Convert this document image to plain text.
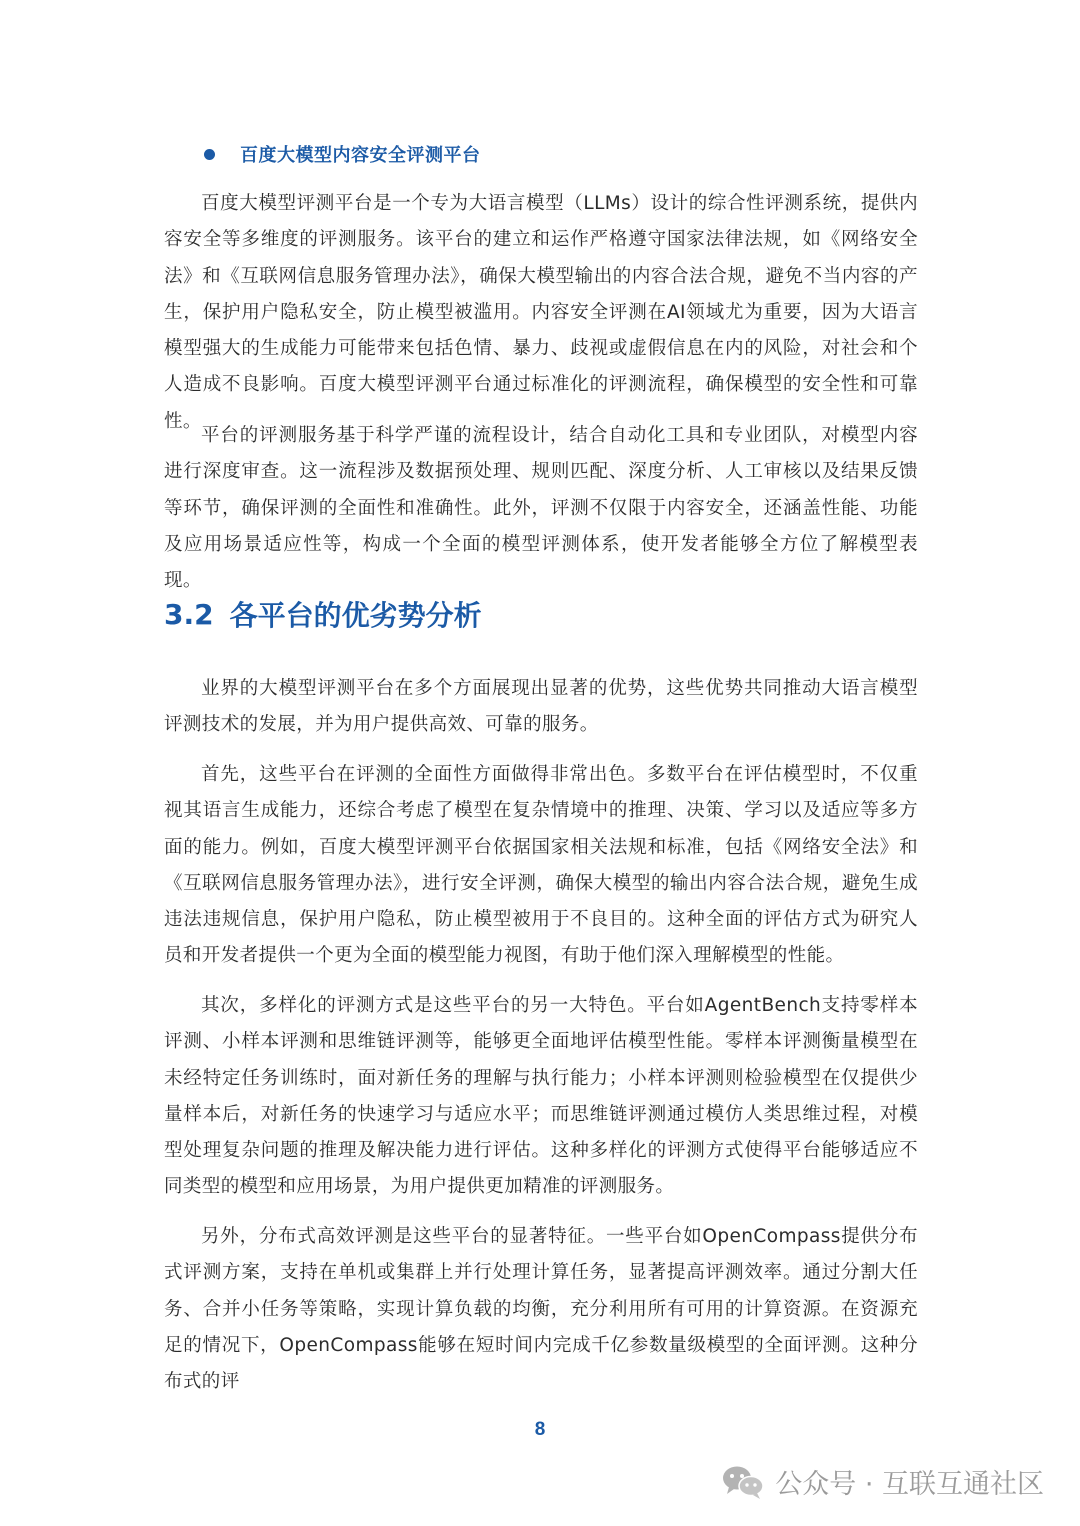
百度大模型内容安全评测平台

百度大模型评测平台是一个专为大语言模型（LLMs）设计的综合性评测系统，提供内容安全等多维度的评测服务。该平台的建立和运作严格遵守国家法律法规，如《网络安全法》和《互联网信息服务管理办法》，确保大模型输出的内容合法合规，避免不当内容的产生，保护用户隐私安全，防止模型被滥用。内容安全评测在AI领域尤为重要，因为大语言模型强大的生成能力可能带来包括色情、暴力、歧视或虚假信息在内的风险，对社会和个人造成不良影响。百度大模型评测平台通过标准化的评测流程，确保模型的安全性和可靠性。

平台的评测服务基于科学严谨的流程设计，结合自动化工具和专业团队，对模型内容进行深度审查。这一流程涉及数据预处理、规则匹配、深度分析、人工审核以及结果反馈等环节，确保评测的全面性和准确性。此外，评测不仅限于内容安全，还涵盖性能、功能及应用场景适应性等，构成一个全面的模型评测体系，使开发者能够全方位了解模型表现。

3.2 各平台的优劣势分析

业界的大模型评测平台在多个方面展现出显著的优势，这些优势共同推动大语言模型评测技术的发展，并为用户提供高效、可靠的服务。

首先，这些平台在评测的全面性方面做得非常出色。多数平台在评估模型时，不仅重视其语言生成能力，还综合考虑了模型在复杂情境中的推理、决策、学习以及适应等多方面的能力。例如，百度大模型评测平台依据国家相关法规和标准，包括《网络安全法》和《互联网信息服务管理办法》，进行安全评测，确保大模型的输出内容合法合规，避免生成违法违规信息，保护用户隐私，防止模型被用于不良目的。这种全面的评估方式为研究人员和开发者提供一个更为全面的模型能力视图，有助于他们深入理解模型的性能。

其次，多样化的评测方式是这些平台的另一大特色。平台如AgentBench支持零样本评测、小样本评测和思维链评测等，能够更全面地评估模型性能。零样本评测衡量模型在未经特定任务训练时，面对新任务的理解与执行能力；小样本评测则检验模型在仅提供少量样本后，对新任务的快速学习与适应水平；而思维链评测通过模仿人类思维过程，对模型处理复杂问题的推理及解决能力进行评估。这种多样化的评测方式使得平台能够适应不同类型的模型和应用场景，为用户提供更加精准的评测服务。

另外，分布式高效评测是这些平台的显著特征。一些平台如OpenCompass提供分布式评测方案，支持在单机或集群上并行处理计算任务，显著提高评测效率。通过分割大任务、合并小任务等策略，实现计算负载的均衡，充分利用所有可用的计算资源。在资源充足的情况下，OpenCompass能够在短时间内完成千亿参数量级模型的全面评测。这种分布式的评

8
公众号 · 互联互通社区
